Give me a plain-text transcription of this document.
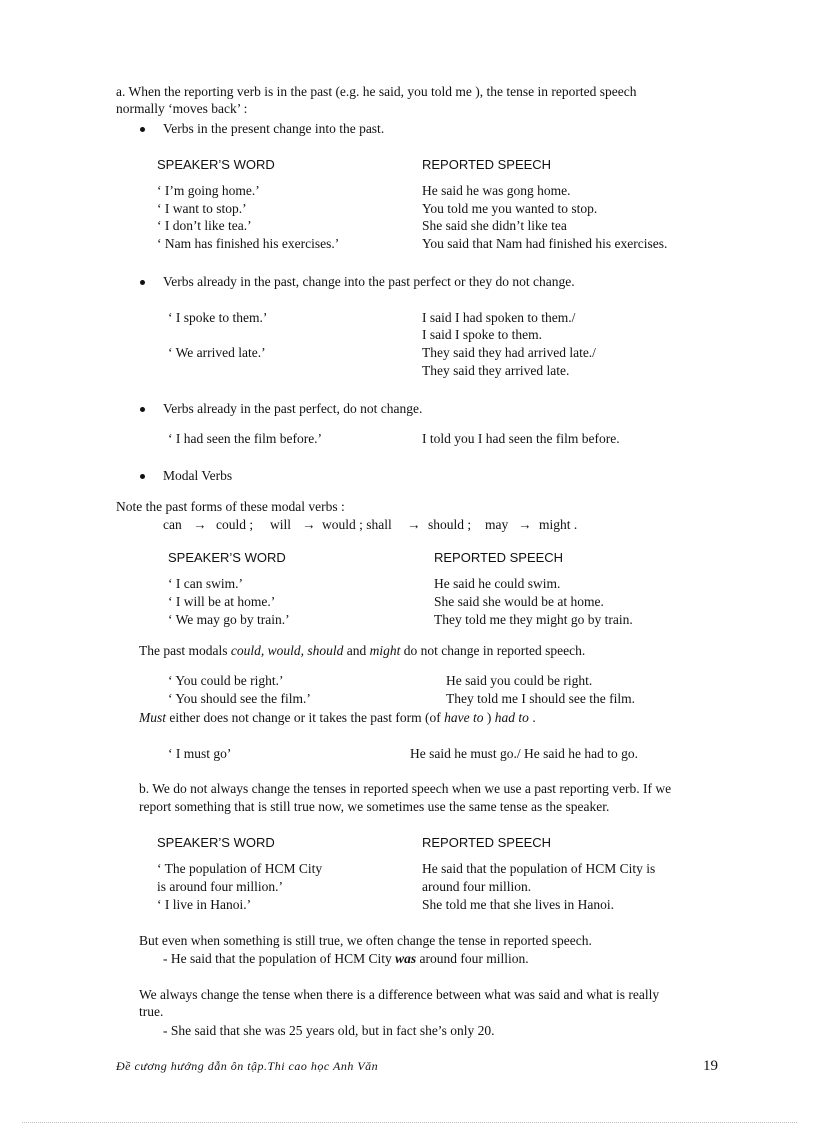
a. When the reporting verb is in the past (e.g. he said, you told me ), the tense in reported speech
normally ‘moves back’ :
Verbs in the present change into the past.
SPEAKER’S WORD	REPORTED SPEECH
‘ I’m going home.’	He said he was gong home.
‘ I want to stop.’	You told me you wanted to stop.
‘ I don’t like tea.’	She said she didn’t like tea
‘ Nam has finished his exercises.’	You said that Nam had finished his exercises.
Verbs already in the past, change into the past perfect or they do not change.
‘ I spoke to them.’	I said I had spoken to them./
I said I spoke to them.
‘ We arrived late.’	They said they had arrived late./
They said they arrived late.
Verbs already in the past perfect, do not change.
‘ I had seen the film before.’	I told you I had seen the film before.
Modal Verbs
Note the past forms of these modal verbs :
can → could ; will → would ; shall → should ; may → might .
SPEAKER’S WORD	REPORTED SPEECH
‘ I can swim.’	He said he could swim.
‘ I will be at home.’	She said she would be at home.
‘ We may go by train.’	They told me they might go by train.
The past modals could, would, should and might do not change in reported speech.
‘ You could be right.’	He said you could be right.
‘ You should see the film.’	They told me I should see the film.
Must either does not change or it takes the past form (of have to ) had to .
‘ I must go’	He said he must go./ He said he had to go.
b. We do not always change the tenses in reported speech when we use a past reporting verb. If we
report something that is still true now, we sometimes use the same tense as the speaker.
SPEAKER’S WORD	REPORTED SPEECH
‘ The population of HCM City	He said that the population of HCM City is
is around four million.’	around four million.
‘ I live in Hanoi.’	She told me that she lives in Hanoi.
But even when something is still true, we often change the tense in reported speech.
- He said that the population of HCM City was around four million.
We always change the tense when there is a difference between what was said and what is really
true.
- She said that she was 25 years old, but in fact she’s only 20.
Đề cương hướng dẫn ôn tập.Thi cao học Anh Văn	19
